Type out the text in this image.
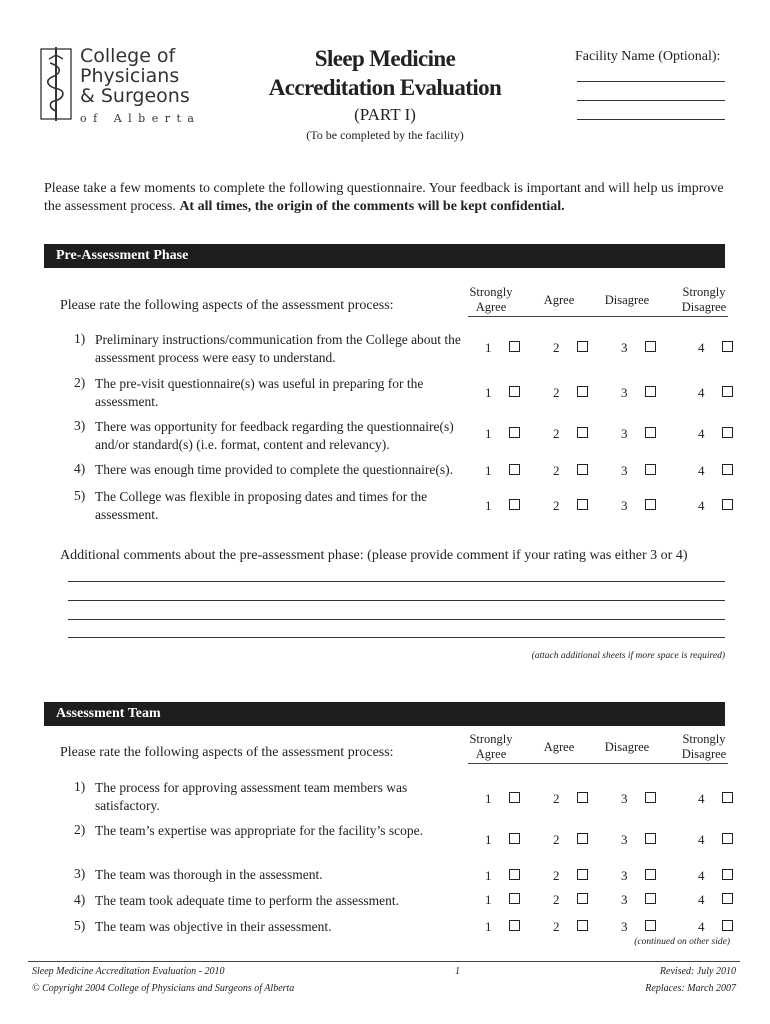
College of
Physicians
& Surgeons
of Alberta
Sleep Medicine
Accreditation Evaluation
(PART I)
(To be completed by the facility)
Facility Name (Optional):
Please take a few moments to complete the following questionnaire. Your feedback is important and will help us improve the assessment process. At all times, the origin of the comments will be kept confidential.
Pre-Assessment Phase
Please rate the following aspects of the assessment process:
Strongly Agree	Agree	Disagree
Strongly Disagree
1) Preliminary instructions/communication from the College about the assessment process were easy to understand.
1	2	3	4
2) The pre-visit questionnaire(s) was useful in preparing for the assessment.
1	2	3	4
3) There was opportunity for feedback regarding the questionnaire(s) and/or standard(s) (i.e. format, content and relevancy).
1	2	3	4
4) There was enough time provided to complete the questionnaire(s).	1	2	3	4
5) The College was flexible in proposing dates and times for the assessment.
1	2	3	4
Additional comments about the pre-assessment phase: (please provide comment if your rating was either 3 or 4)
(attach additional sheets if more space is required)
Assessment Team
Please rate the following aspects of the assessment process:
Strongly Agree	Agree	Disagree
Strongly Disagree
1) The process for approving assessment team members was satisfactory.	1	2	3	4
2) The team’s expertise was appropriate for the facility’s scope.
1	2	3	4
3) The team was thorough in the assessment.	1	2	3	4
4) The team took adequate time to perform the assessment.	1	2	3	4
5) The team was objective in their assessment.	1	2	3	4
(continued on other side)
Sleep Medicine Accreditation Evaluation - 2010
© Copyright 2004 College of Physicians and Surgeons of Alberta
1	Revised: July 2010
Replaces: March 2007
